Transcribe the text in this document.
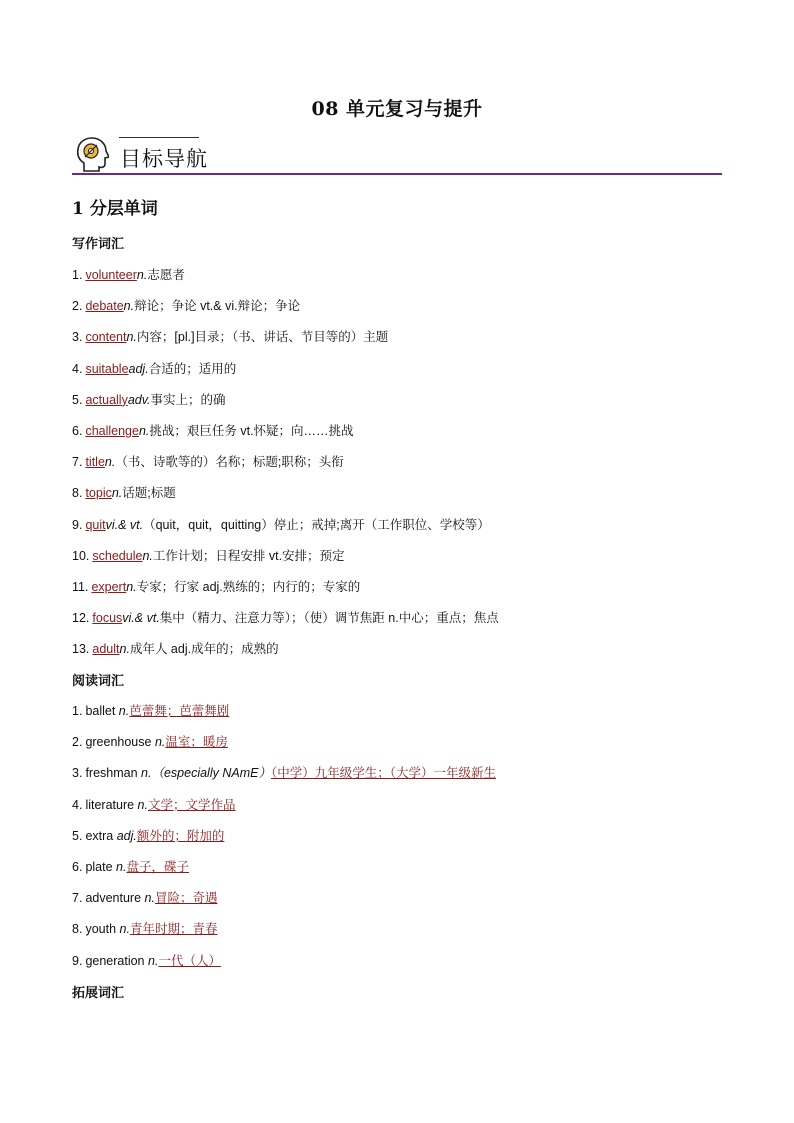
08 单元复习与提升
目标导航
1 分层单词
写作词汇
1. volunteern.志愿者
2. debaten.辩论；争论 vt.& vi.辩论；争论
3. contentn.内容；[pl.]目录；（书、讲话、节目等的）主题
4. suitableadj.合适的；适用的
5. actuallyadv.事实上；的确
6. challengen.挑战；艰巨任务 vt.怀疑；向……挑战
7. titlen.（书、诗歌等的）名称；标题;职称；头衔
8. topicn.话题;标题
9. quitvi.& vt.（quit，quit，quitting）停止；戒掉;离开（工作职位、学校等）
10. schedulen.工作计划；日程安排 vt.安排；预定
11. expertn.专家；行家 adj.熟练的；内行的；专家的
12. focusvi.& vt.集中（精力、注意力等）；（使）调节焦距 n.中心；重点；焦点
13. adultn.成年人 adj.成年的；成熟的
阅读词汇
1. ballet n.芭蕾舞；芭蕾舞剧
2. greenhouse n.温室；暖房
3. freshman n.（especially NAmE）（中学）九年级学生；（大学）一年级新生
4. literature n.文学；文学作品
5. extra adj.额外的；附加的
6. plate n.盘子，碟子
7. adventure n.冒险；奇遇
8. youth n.青年时期；青春
9. generation n.一代（人）
拓展词汇
